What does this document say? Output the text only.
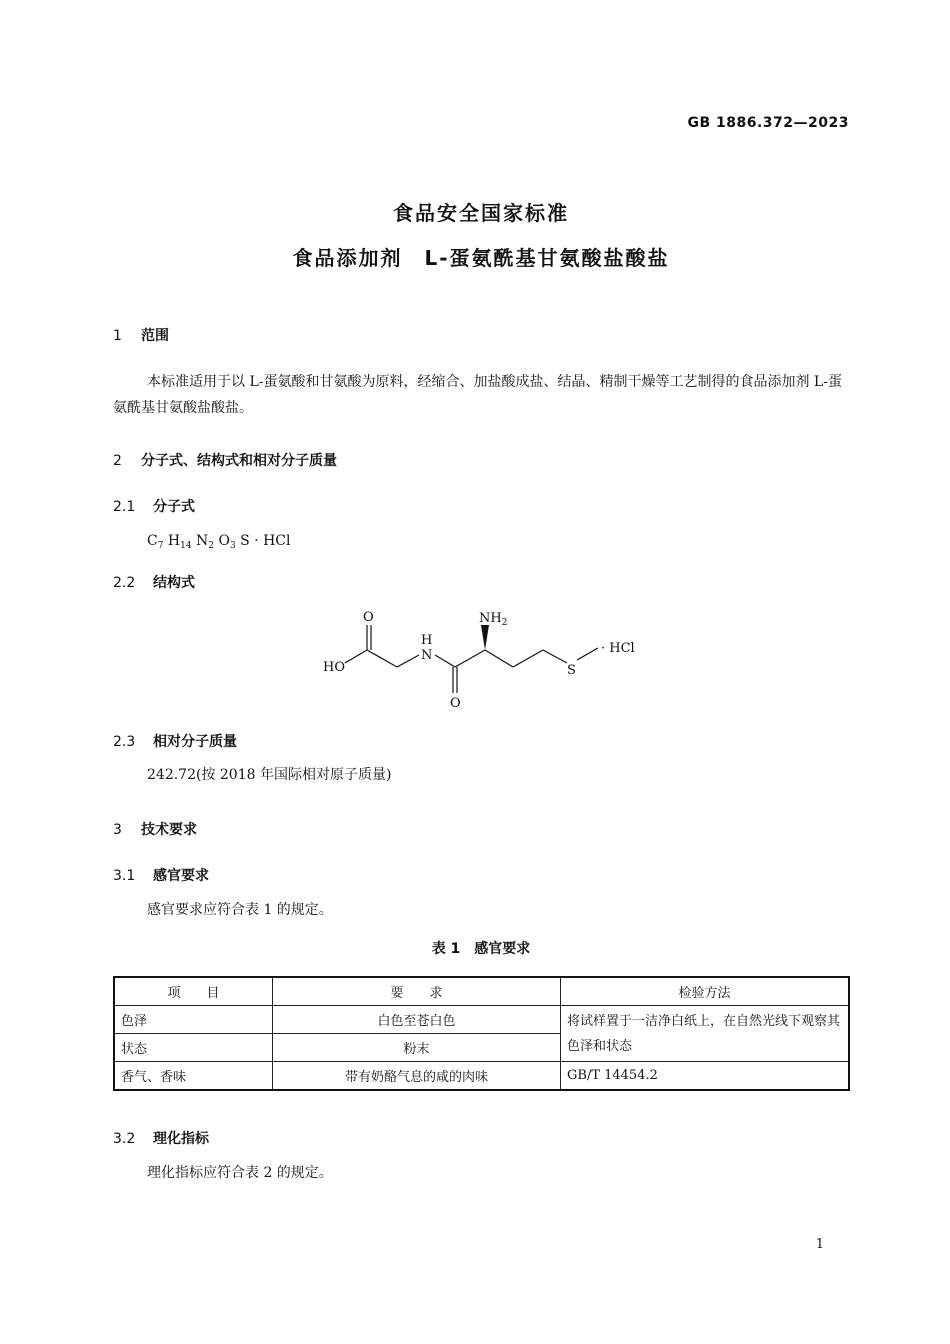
GB 1886.372—2023
食品安全国家标准
食品添加剂　L-蛋氨酰基甘氨酸盐酸盐
1 范围
本标准适用于以 L-蛋氨酸和甘氨酸为原料，经缩合、加盐酸成盐、结晶、精制干燥等工艺制得的食品添加剂 L-蛋氨酰基甘氨酸盐酸盐。
2 分子式、结构式和相对分子质量
2.1 分子式
$C_7$ $H_{14}$ $N_2$ $O_3$ S · HCl
2.2 结构式
O
H
N
HO
$NH_2$
O
S
· HCl
2.3 相对分子质量
242.72(按 2018 年国际相对原子质量)
3 技术要求
3.1 感官要求
感官要求应符合表 1 的规定。
表 1　感官要求
项　　目	要　　求	检验方法
色泽	白色至苍白色	将试样置于一洁净白纸上，在自然光线下观察其色泽和状态
状态	粉末	
香气、香味	带有奶酪气息的咸的肉味	GB/T 14454.2
3.2 理化指标
理化指标应符合表 2 的规定。
1
